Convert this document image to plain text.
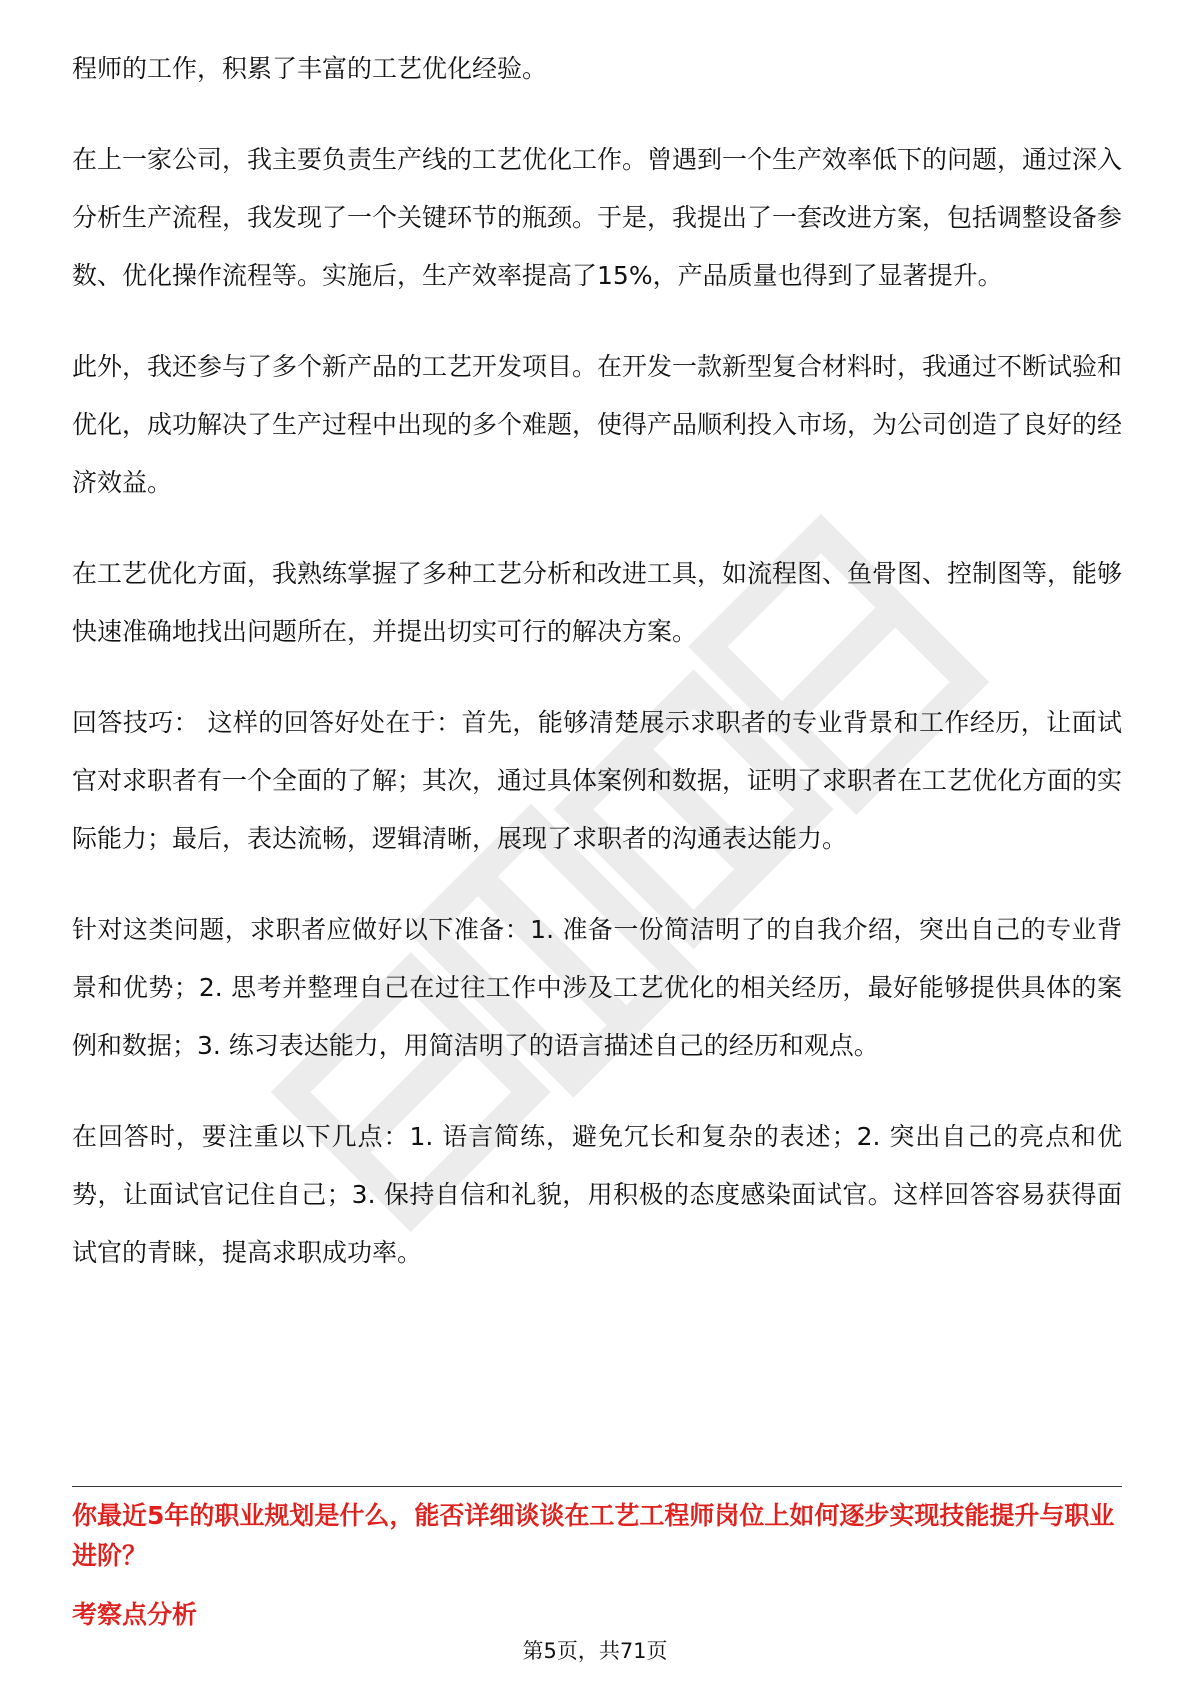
程师的工作，积累了丰富的工艺优化经验。

在上一家公司，我主要负责生产线的工艺优化工作。曾遇到一个生产效率低下的问题，通过深入分析生产流程，我发现了一个关键环节的瓶颈。于是，我提出了一套改进方案，包括调整设备参数、优化操作流程等。实施后，生产效率提高了15%，产品质量也得到了显著提升。

此外，我还参与了多个新产品的工艺开发项目。在开发一款新型复合材料时，我通过不断试验和优化，成功解决了生产过程中出现的多个难题，使得产品顺利投入市场，为公司创造了良好的经济效益。

在工艺优化方面，我熟练掌握了多种工艺分析和改进工具，如流程图、鱼骨图、控制图等，能够快速准确地找出问题所在，并提出切实可行的解决方案。

回答技巧： 这样的回答好处在于：首先，能够清楚展示求职者的专业背景和工作经历，让面试官对求职者有一个全面的了解；其次，通过具体案例和数据，证明了求职者在工艺优化方面的实际能力；最后，表达流畅，逻辑清晰，展现了求职者的沟通表达能力。

针对这类问题，求职者应做好以下准备：1. 准备一份简洁明了的自我介绍，突出自己的专业背景和优势；2. 思考并整理自己在过往工作中涉及工艺优化的相关经历，最好能够提供具体的案例和数据；3. 练习表达能力，用简洁明了的语言描述自己的经历和观点。

在回答时，要注重以下几点：1. 语言简练，避免冗长和复杂的表述；2. 突出自己的亮点和优势，让面试官记住自己；3. 保持自信和礼貌，用积极的态度感染面试官。这样回答容易获得面试官的青睐，提高求职成功率。

你最近5年的职业规划是什么，能否详细谈谈在工艺工程师岗位上如何逐步实现技能提升与职业进阶？
考察点分析
第5页，共71页
